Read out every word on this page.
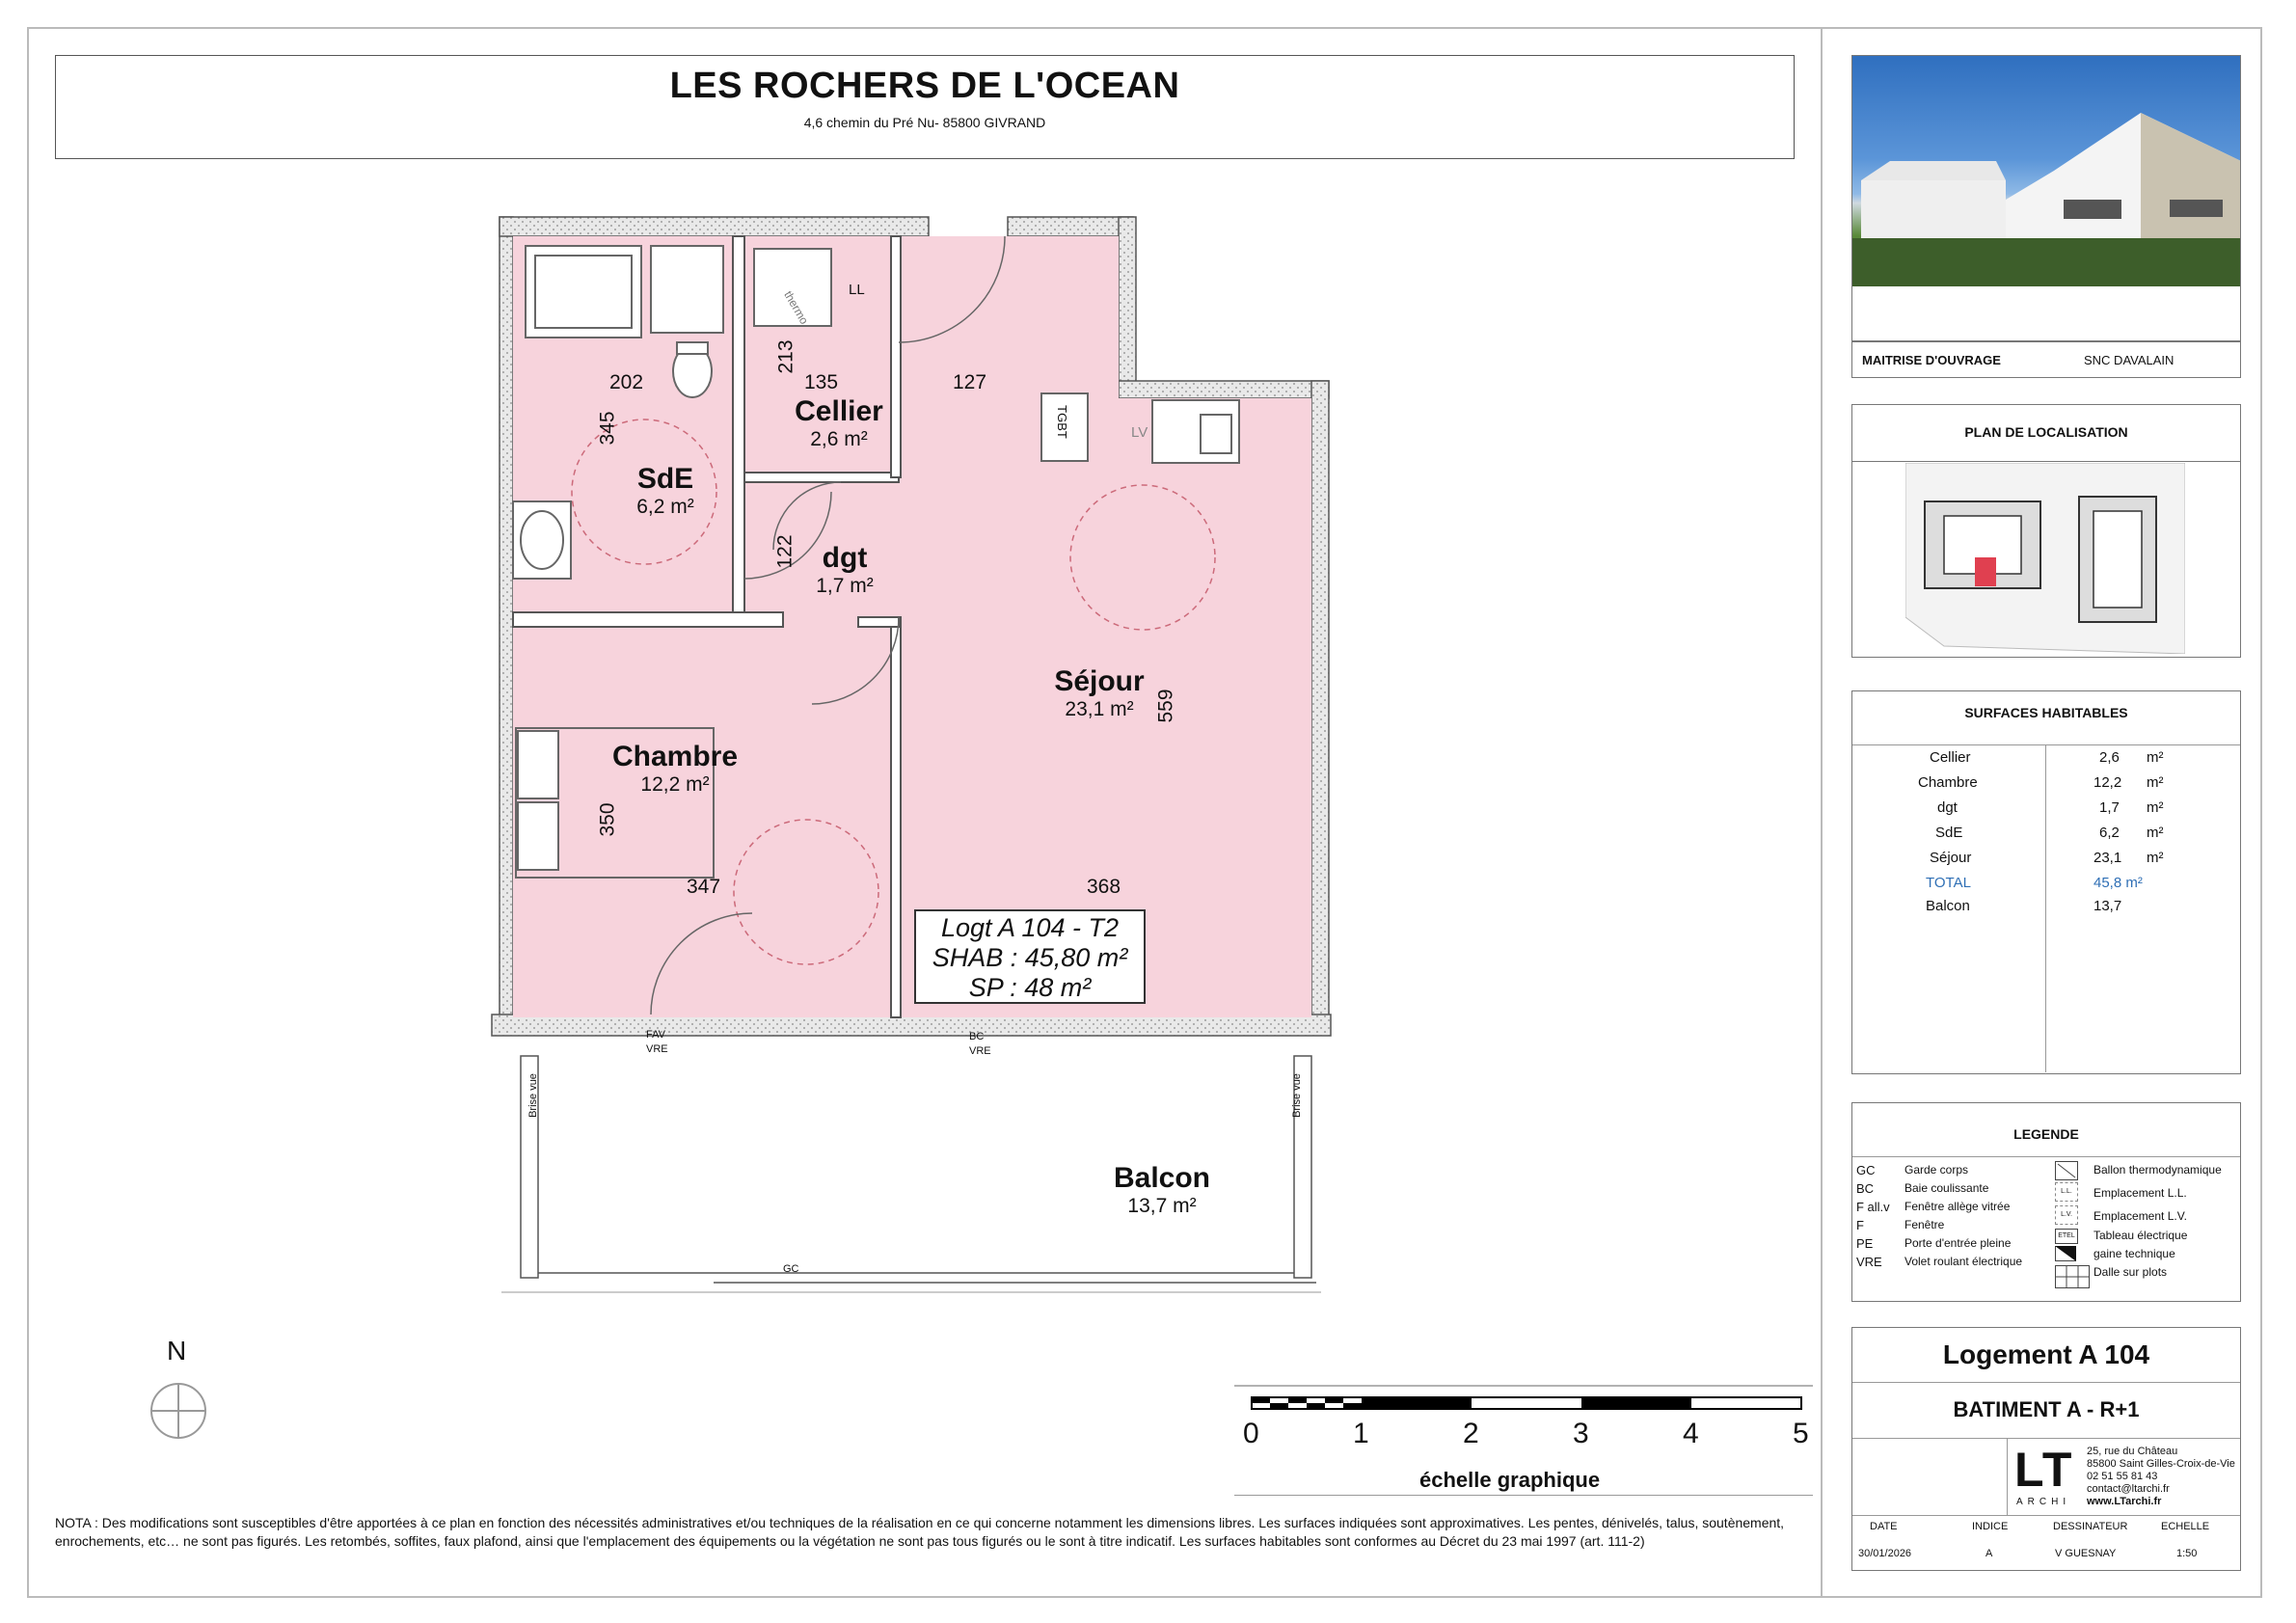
LES ROCHERS DE L'OCEAN
4,6 chemin du Pré Nu- 85800 GIVRAND
SdE
6,2 m²
Cellier
2,6 m²
dgt
1,7 m²
Séjour
23,1 m²
Chambre
12,2 m²
Balcon
13,7 m²
202
345
213
135	127
122
559
350
347	368
LL
LV
TGBT
thermo
FAV
VRE
BC
VRE
GC
Brise vue	Brise vue
Logt A 104 - T2
SHAB : 45,80 m²
SP : 48 m²
N
0	1	2	3	4	5
échelle graphique
NOTA : Des modifications sont susceptibles d'être apportées à ce plan en fonction des nécessités administratives et/ou techniques de la réalisation en ce qui concerne notamment les dimensions libres. Les surfaces indiquées sont approximatives. Les pentes, dénivelés, talus, soutènement, enrochements, etc… ne sont pas figurés. Les retombés, soffites, faux plafond, ainsi que l'emplacement des équipements ou la végétation ne sont pas tous figurés ou le sont à titre indicatif. Les surfaces habitables sont conformes au Décret du 23 mai 1997 (art. 111-2)
MAITRISE D'OUVRAGE	SNC DAVALAIN
PLAN DE LOCALISATION
SURFACES HABITABLES
Cellier	2,6 m²
Chambre	12,2 m²
dgt	1,7 m²
SdE	6,2 m²
Séjour	23,1 m²
TOTAL	45,8 m²
Balcon	13,7
LEGENDE
GC	Garde corps
BC	Baie coulissante
F all.v Fenêtre allège vitrée
F	Fenêtre
PE	Porte d'entrée pleine
VRE Volet roulant électrique
Ballon thermodynamique
L.L.	Emplacement L.L.
L.V.	Emplacement L.V.
ETEL Tableau électrique
gaine technique
Dalle sur plots
Logement A 104
BATIMENT A - R+1
LT
ARCHI
25, rue du Château
85800 Saint Gilles-Croix-de-Vie
02 51 55 81 43
contact@ltarchi.fr
www.LTarchi.fr
DATE	INDICE	DESSINATEUR	ECHELLE
30/01/2026	A	V GUESNAY	1:50
